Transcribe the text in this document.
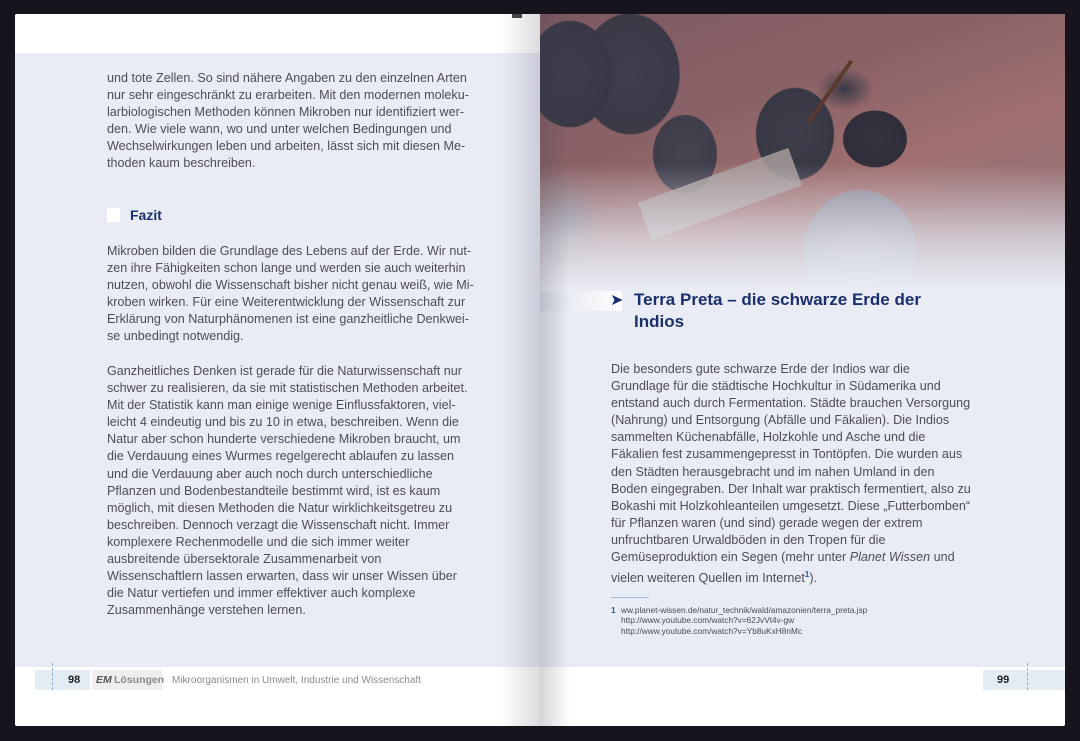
und tote Zellen. So sind nähere Angaben zu den einzelnen Arten nur sehr eingeschränkt zu erarbeiten. Mit den modernen molekularbiologischen Methoden können Mikroben nur identifiziert werden. Wie viele wann, wo und unter welchen Bedingungen und Wechselwirkungen leben und arbeiten, lässt sich mit diesen Methoden kaum beschreiben.

Fazit

Mikroben bilden die Grundlage des Lebens auf der Erde. Wir nutzen ihre Fähigkeiten schon lange und werden sie auch weiterhin nutzen, obwohl die Wissenschaft bisher nicht genau weiß, wie Mikroben wirken. Für eine Weiterentwicklung der Wissenschaft zur Erklärung von Naturphänomenen ist eine ganzheitliche Denkweise unbedingt notwendig.

Ganzheitliches Denken ist gerade für die Naturwissenschaft nur schwer zu realisieren, da sie mit statistischen Methoden arbeitet. Mit der Statistik kann man einige wenige Einflussfaktoren, vielleicht 4 eindeutig und bis zu 10 in etwa, beschreiben. Wenn die Natur aber schon hunderte verschiedene Mikroben braucht, um die Verdauung eines Wurmes regelgerecht ablaufen zu lassen und die Verdauung aber auch noch durch unterschiedliche Pflanzen und Bodenbestandteile bestimmt wird, ist es kaum möglich, mit diesen Methoden die Natur wirklichkeitsgetreu zu beschreiben. Dennoch verzagt die Wissenschaft nicht. Immer komplexere Rechenmodelle und die sich immer weiter ausbreitende übersektorale Zusammenarbeit von Wissenschaftlern lassen erwarten, dass wir unser Wissen über die Natur vertiefen und immer effektiver auch komplexe Zusammenhänge verstehen lernen.

98 EM Lösungen Mikroorganismen in Umwelt, Industrie und Wissenschaft
➤ Terra Preta – die schwarze Erde der Indios

Die besonders gute schwarze Erde der Indios war die Grundlage für die städtische Hochkultur in Südamerika und entstand auch durch Fermentation. Städte brauchen Versorgung (Nahrung) und Entsorgung (Abfälle und Fäkalien). Die Indios sammelten Küchenabfälle, Holzkohle und Asche und die Fäkalien fest zusammengepresst in Tontöpfen. Die wurden aus den Städten herausgebracht und im nahen Umland in den Boden eingegraben. Der Inhalt war praktisch fermentiert, also zu Bokashi mit Holzkohleanteilen umgesetzt. Diese „Futterbomben“ für Pflanzen waren (und sind) gerade wegen der extrem unfruchtbaren Urwaldböden in den Tropen für die Gemüseproduktion ein Segen (mehr unter Planet Wissen und vielen weiteren Quellen im Internet$^1$).

1 ww.planet-wissen.de/natur_technik/wald/amazonien/terra_preta.jsp
http://www.youtube.com/watch?v=62JvVt4v-gw
http://www.youtube.com/watch?v=Yb8uKxH8nMc
99
